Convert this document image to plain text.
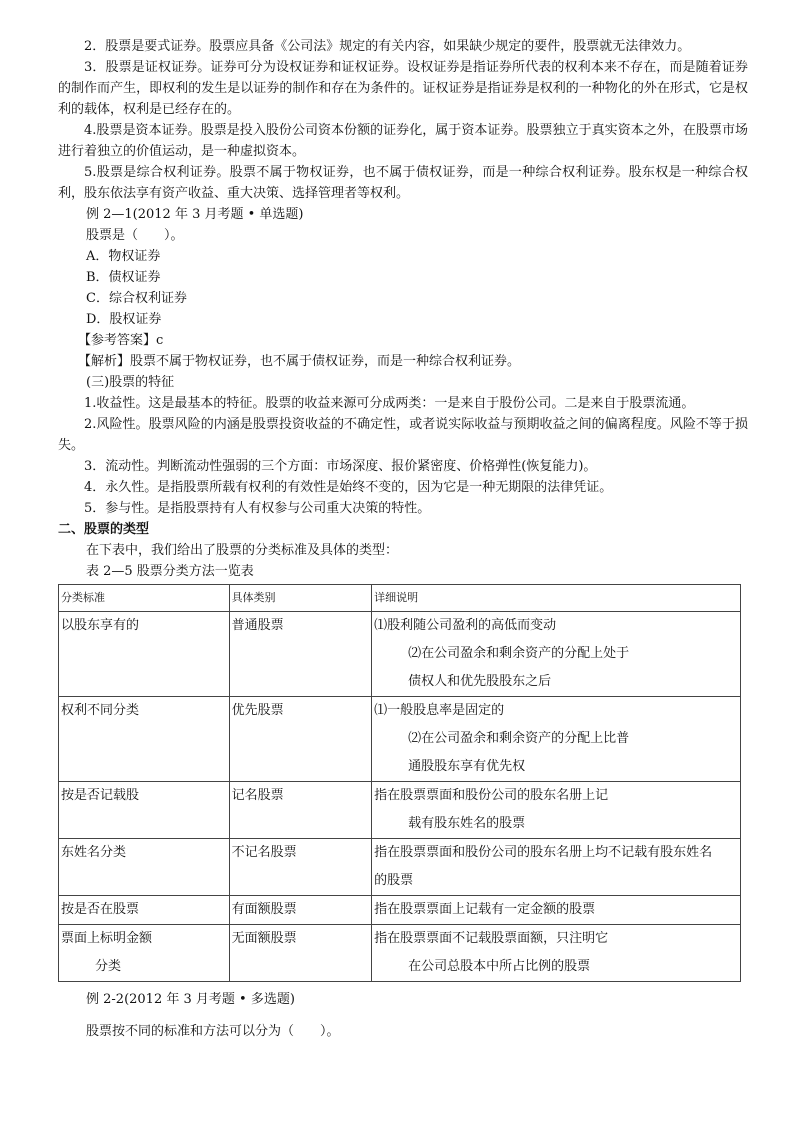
2．股票是要式证券。股票应具备《公司法》规定的有关内容，如果缺少规定的要件，股票就无法律效力。

3．股票是证权证券。证券可分为设权证券和证权证券。设权证券是指证券所代表的权利本来不存在，而是随着证券的制作而产生，即权利的发生是以证券的制作和存在为条件的。证权证券是指证券是权利的一种物化的外在形式，它是权利的载体，权利是已经存在的。

4.股票是资本证券。股票是投入股份公司资本份额的证券化，属于资本证券。股票独立于真实资本之外，在股票市场进行着独立的价值运动，是一种虚拟资本。

5.股票是综合权利证券。股票不属于物权证券，也不属于债权证券，而是一种综合权利证券。股东权是一种综合权利，股东依法享有资产收益、重大决策、选择管理者等权利。

例 2—1(2012 年 3 月考题 • 单选题)

股票是（　　）。

A．物权证券

B．债权证券

C．综合权利证券

D．股权证券

【参考答案】c

【解析】股票不属于物权证券，也不属于债权证券，而是一种综合权利证券。

(三)股票的特征

1.收益性。这是最基本的特征。股票的收益来源可分成两类：一是来自于股份公司。二是来自于股票流通。

2.风险性。股票风险的内涵是股票投资收益的不确定性，或者说实际收益与预期收益之间的偏离程度。风险不等于损失。

3．流动性。判断流动性强弱的三个方面：市场深度、报价紧密度、价格弹性(恢复能力)。

4．永久性。是指股票所载有权利的有效性是始终不变的，因为它是一种无期限的法律凭证。

5．参与性。是指股票持有人有权参与公司重大决策的特性。

二、股票的类型

在下表中，我们给出了股票的分类标准及具体的类型：

表 2—5 股票分类方法一览表

分类标准	具体类别	详细说明
以股东享有的	普通股票	⑴股利随公司盈利的高低而变动
⑵在公司盈余和剩余资产的分配上处于
债权人和优先股股东之后

权利不同分类	优先股票	⑴一般股息率是固定的
⑵在公司盈余和剩余资产的分配上比普
通股股东享有优先权

按是否记载股	记名股票	指在股票票面和股份公司的股东名册上记
载有股东姓名的股票

东姓名分类	不记名股票	指在股票票面和股份公司的股东名册上均不记载有股东姓名
的股票

按是否在股票	有面额股票	指在股票票面上记载有一定金额的股票

票面上标明金额
分类	无面额股票	指在股票票面不记载股票面额，只注明它
在公司总股本中所占比例的股票

例 2-2(2012 年 3 月考题 • 多选题)

股票按不同的标准和方法可以分为（　　）。
